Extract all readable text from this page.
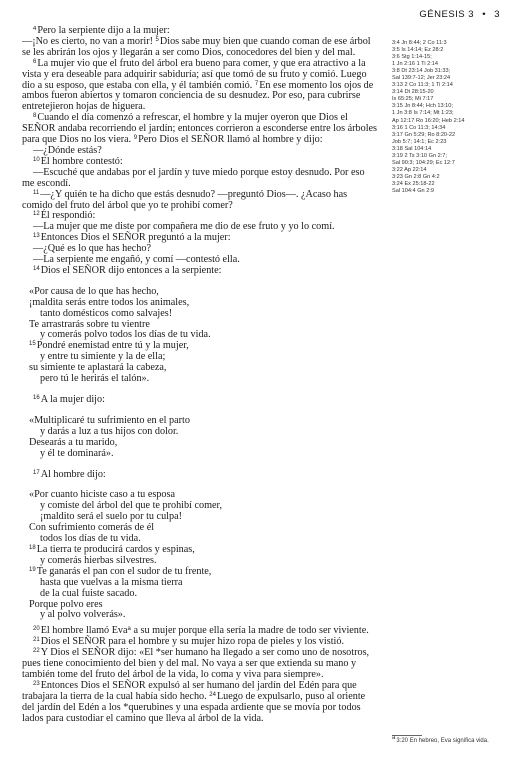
GÉNESIS 3 • 3

$^4$Pero la serpiente dijo a la mujer:

—¡No es cierto, no van a morir! $^5$Dios sabe muy bien que cuando coman de ese árbol se les abrirán los ojos y llegarán a ser como Dios, conocedores del bien y del mal.

$^6$La mujer vio que el fruto del árbol era bueno para comer, y que era atractivo a la vista y era deseable para adquirir sabiduría; así que tomó de su fruto y comió. Luego dio a su esposo, que estaba con ella, y él también comió. $^7$En ese momento los ojos de ambos fueron abiertos y tomaron conciencia de su desnudez. Por eso, para cubrirse entretejieron hojas de higuera.

$^8$Cuando el día comenzó a refrescar, el hombre y la mujer oyeron que Dios el SEÑOR andaba recorriendo el jardín; entonces corrieron a esconderse entre los árboles para que Dios no los viera. $^9$Pero Dios el SEÑOR llamó al hombre y dijo:

—¿Dónde estás?

$^{10}$El hombre contestó:

—Escuché que andabas por el jardín y tuve miedo porque estoy desnudo. Por eso me escondí.

$^{11}$—¿Y quién te ha dicho que estás desnudo? —preguntó Dios—. ¿Acaso has comido del fruto del árbol que yo te prohibí comer?

$^{12}$Él respondió:

—La mujer que me diste por compañera me dio de ese fruto y yo lo comí.

$^{13}$Entonces Dios el SEÑOR preguntó a la mujer:

—¿Qué es lo que has hecho?

—La serpiente me engañó, y comí —contestó ella.

$^{14}$Dios el SEÑOR dijo entonces a la serpiente:

«Por causa de lo que has hecho,
¡maldita serás entre todos los animales,
tanto domésticos como salvajes!
Te arrastrarás sobre tu vientre
y comerás polvo todos los días de tu vida.
$^{15}$Pondré enemistad entre tú y la mujer,
y entre tu simiente y la de ella;
su simiente te aplastará la cabeza,
pero tú le herirás el talón».

$^{16}$A la mujer dijo:

«Multiplicaré tu sufrimiento en el parto
y darás a luz a tus hijos con dolor.
Desearás a tu marido,
y él te dominará».

$^{17}$Al hombre dijo:

«Por cuanto hiciste caso a tu esposa
y comiste del árbol del que te prohibí comer,
¡maldito será el suelo por tu culpa!
Con sufrimiento comerás de él
todos los días de tu vida.
$^{18}$La tierra te producirá cardos y espinas,
y comerás hierbas silvestres.
$^{19}$Te ganarás el pan con el sudor de tu frente,
hasta que vuelvas a la misma tierra
de la cual fuiste sacado.
Porque polvo eres
y al polvo volverás».

$^{20}$El hombre llamó Eva$^a$ a su mujer porque ella sería la madre de todo ser viviente.

$^{21}$Dios el SEÑOR para el hombre y su mujer hizo ropa de pieles y los vistió.

$^{22}$Y Dios el SEÑOR dijo: «El *ser humano ha llegado a ser como uno de nosotros, pues tiene conocimiento del bien y del mal. No vaya a ser que extienda su mano y también tome del fruto del árbol de la vida, lo coma y viva para siempre».

$^{23}$Entonces Dios el SEÑOR expulsó al ser humano del jardín del Edén para que trabajara la tierra de la cual había sido hecho. $^{24}$Luego de expulsarlo, puso al oriente del jardín del Edén a los *querubines y una espada ardiente que se movía por todos lados para custodiar el camino que lleva al árbol de la vida.

3:4 Jn 8:44; 2 Co 11:3
3:5 Is 14:14; Ez 28:2
3:6 Stg 1:14-15;
1 Jn 2:16 1 Ti 2:14
3:8 Dt 23:14 Job 31:33;
Sal 139:7-12; Jer 23:24
3:13 2 Co 11:3; 1 Ti 2:14
3:14 Dt 28:15-20
Is 65:25; Mi 7:17
3:15 Jn 8:44; Hch 13:10;
1 Jn 3:8 Is 7:14; Mt 1:23;
Ap 12:17 Ro 16:20; Heb 2:14
3:16 1 Co 11:3; 14:34
3:17 Gn 5:29; Ro 8:20-22
Job 5:7; 14:1; Ec 2:23
3:18 Sal 104:14
3:19 2 Ts 3:10 Gn 2:7;
Sal 90:3; 104:29; Ec 12:7
3:22 Ap 22:14
3:23 Gn 2:8 Gn 4:2
3:24 Ex 25:18-22
Sal 104:4 Gn 2:9
a3:20 En hebreo, Eva significa vida.
